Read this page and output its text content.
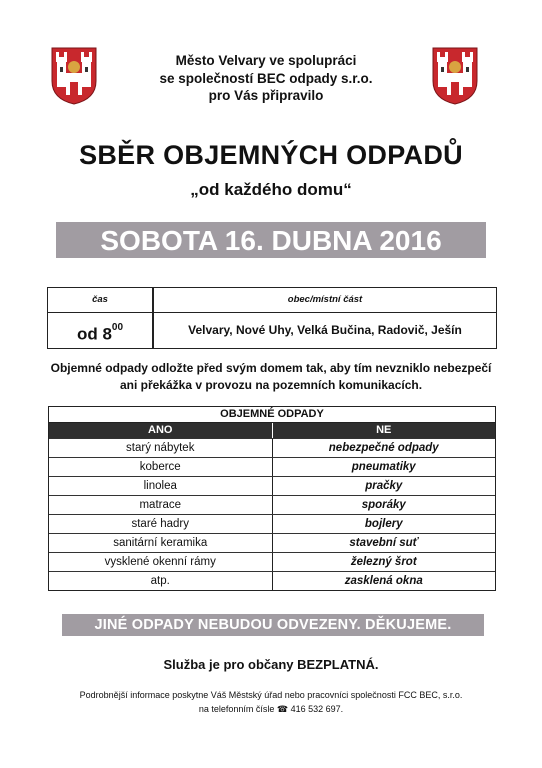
Město Velvary ve spolupráci
se společností BEC odpady s.r.o.
pro Vás připravilo
SBĚR OBJEMNÝCH ODPADŮ
„od každého domu“
SOBOTA 16. DUBNA 2016
čas	obec/místní část
od $8^{00}$	Velvary, Nové Uhy, Velká Bučina, Radovič, Ješín
Objemné odpady odložte před svým domem tak, aby tím nevzniklo nebezpečí ani překážka v provozu na pozemních komunikacích.
OBJEMNÉ ODPADY
ANO	NE
starý nábytek	nebezpečné odpady
koberce	pneumatiky
linolea	pračky
matrace	sporáky
staré hadry	bojlery
sanitární keramika	stavební suť
vysklené okenní rámy	železný šrot
atp.	zasklená okna
JINÉ ODPADY NEBUDOU ODVEZENY. DĚKUJEME.
Služba je pro občany BEZPLATNÁ.
Podrobnější informace poskytne Váš Městský úřad nebo pracovníci společnosti FCC BEC, s.r.o.
na telefonním čísle ☎ 416 532 697.
